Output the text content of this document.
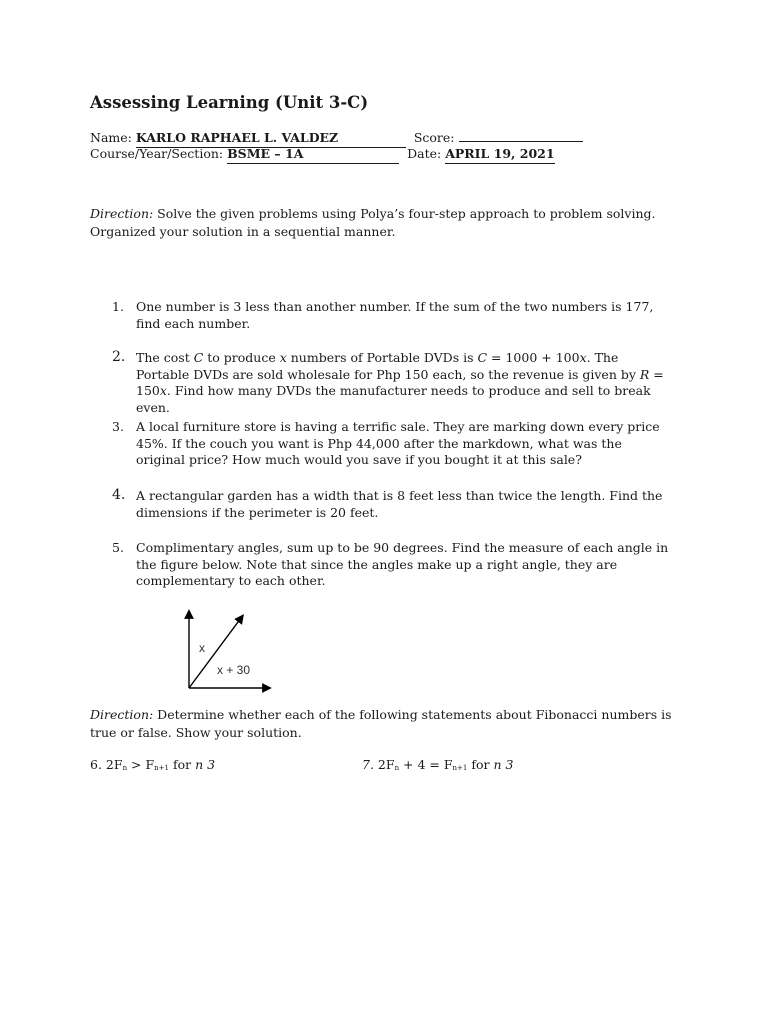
Assessing Learning (Unit 3-C)
Name: KARLO RAPHAEL L. VALDEZ	Score:
Course/Year/Section: BSME – 1A	Date: APRIL 19, 2021

Direction: Solve the given problems using Polya’s four-step approach to problem solving. Organized your solution in a sequential manner.

1. One number is 3 less than another number. If the sum of the two numbers is 177, find each number.
2. The cost C to produce x numbers of Portable DVDs is C = 1000 + 100x. The Portable DVDs are sold wholesale for Php 150 each, so the revenue is given by R = 150x. Find how many DVDs the manufacturer needs to produce and sell to break even.
3. A local furniture store is having a terrific sale. They are marking down every price 45%. If the couch you want is Php 44,000 after the markdown, what was the original price? How much would you save if you bought it at this sale?
4. A rectangular garden has a width that is 8 feet less than twice the length. Find the dimensions if the perimeter is 20 feet.
5. Complimentary angles, sum up to be 90 degrees. Find the measure of each angle in the figure below. Note that since the angles make up a right angle, they are complementary to each other.
x
x + 30

Direction: Determine whether each of the following statements about Fibonacci numbers is true or false. Show your solution.

6. $2F_n > F_{n+1}$ for n 3	7. $2F_n + 4 = F_{n+1}$ for n 3
